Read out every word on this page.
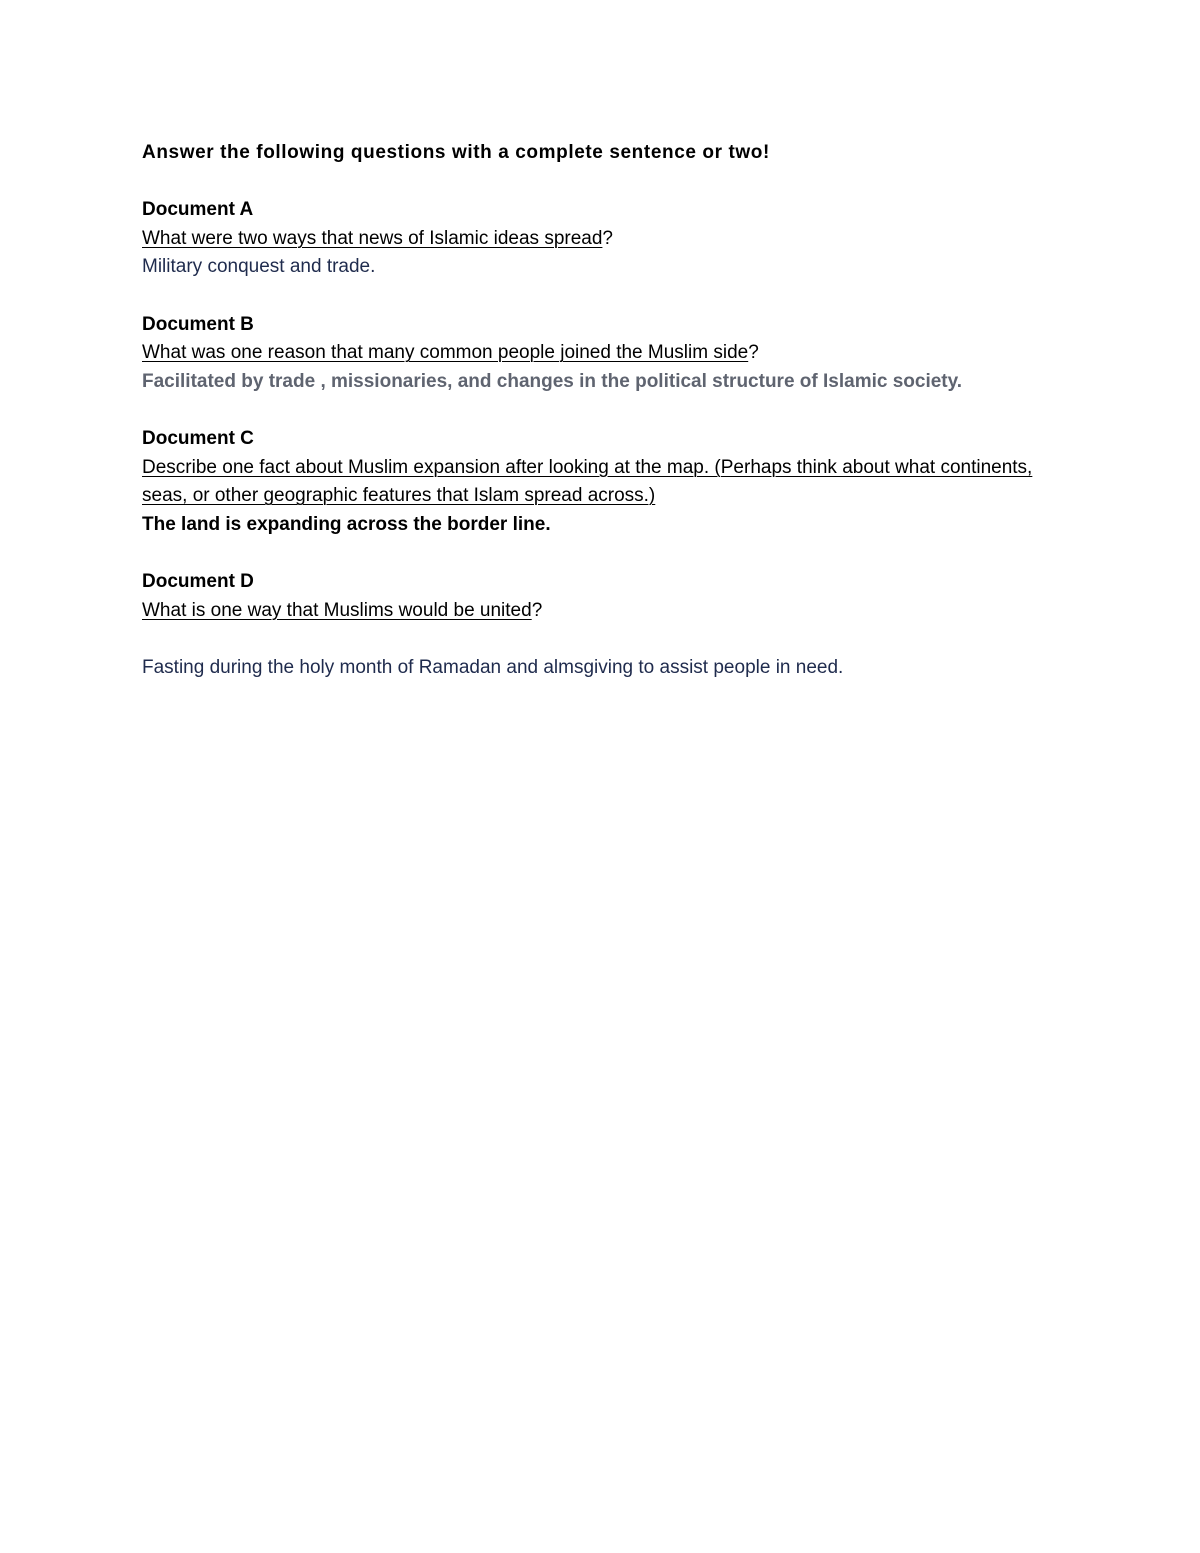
Answer the following questions with a complete sentence or two!

Document A

What were two ways that news of Islamic ideas spread?

Military conquest and trade.

Document B

What was one reason that many common people joined the Muslim side?

Facilitated by trade , missionaries, and changes in the political structure of Islamic society.

Document C

Describe one fact about Muslim expansion after looking at the map. (Perhaps think about what continents, seas, or other geographic features that Islam spread across.)

The land is expanding across the border line.

Document D

What is one way that Muslims would be united?

Fasting during the holy month of Ramadan and almsgiving to assist people in need.
